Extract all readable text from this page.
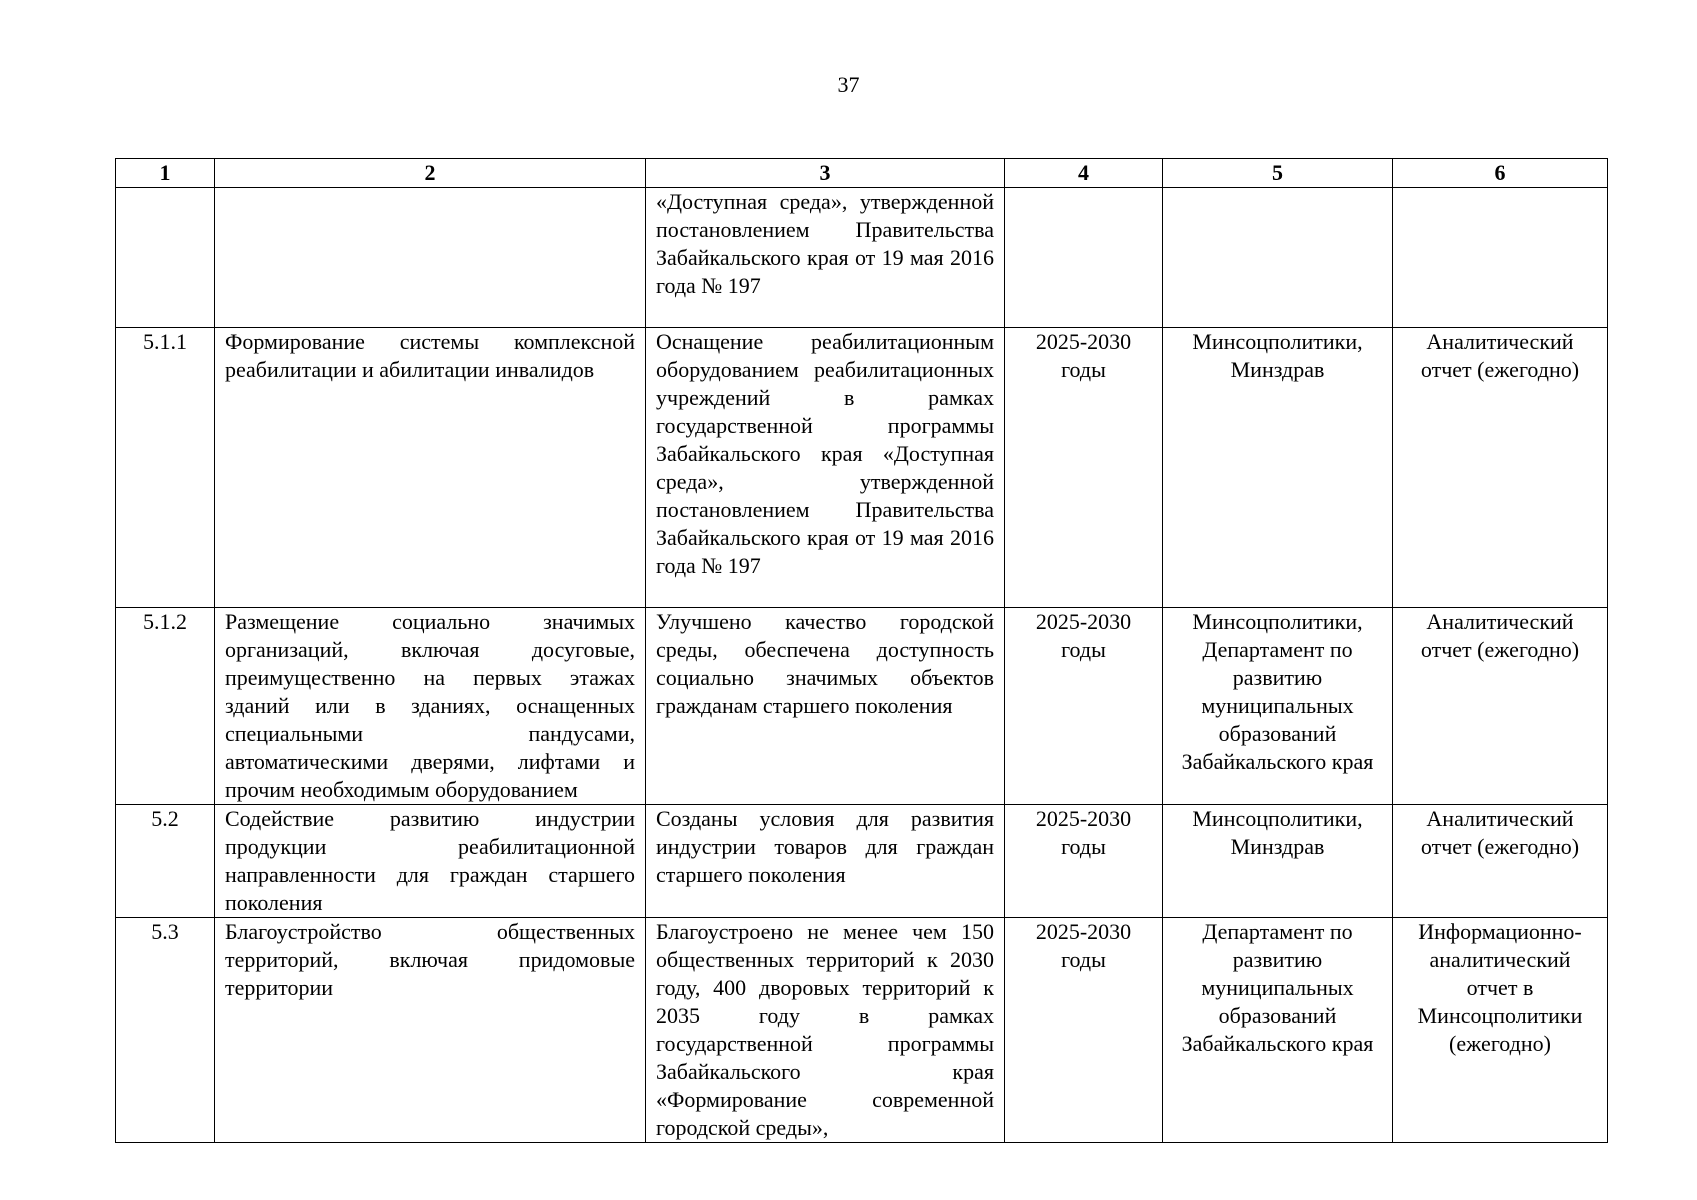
37
1	2	3	4	5	6
		«Доступная среда», утвержденной постановлением Правительства Забайкальского края от 19 мая 2016 года № 197			
5.1.1	Формирование системы комплексной реабилитации и абилитации инвалидов	Оснащение реабилитационным оборудованием реабилитационных учреждений в рамках государственной программы Забайкальского края «Доступная среда», утвержденной постановлением Правительства Забайкальского края от 19 мая 2016 года № 197	2025-2030 годы	Минсоцполитики, Минздрав	Аналитический отчет (ежегодно)
5.1.2	Размещение социально значимых организаций, включая досуговые, преимущественно на первых этажах зданий или в зданиях, оснащенных специальными пандусами, автоматическими дверями, лифтами и прочим необходимым оборудованием	Улучшено качество городской среды, обеспечена доступность социально значимых объектов гражданам старшего поколения	2025-2030 годы	Минсоцполитики, Департамент по развитию муниципальных образований Забайкальского края	Аналитический отчет (ежегодно)
5.2	Содействие развитию индустрии продукции реабилитационной направленности для граждан старшего поколения	Созданы условия для развития индустрии товаров для граждан старшего поколения	2025-2030 годы	Минсоцполитики, Минздрав	Аналитический отчет (ежегодно)
5.3	Благоустройство общественных территорий, включая придомовые территории	Благоустроено не менее чем 150 общественных территорий к 2030 году, 400 дворовых территорий к 2035 году в рамках государственной программы Забайкальского края «Формирование современной городской среды»,	2025-2030 годы	Департамент по развитию муниципальных образований Забайкальского края	Информационно-аналитический отчет в Минсоцполитики (ежегодно)
